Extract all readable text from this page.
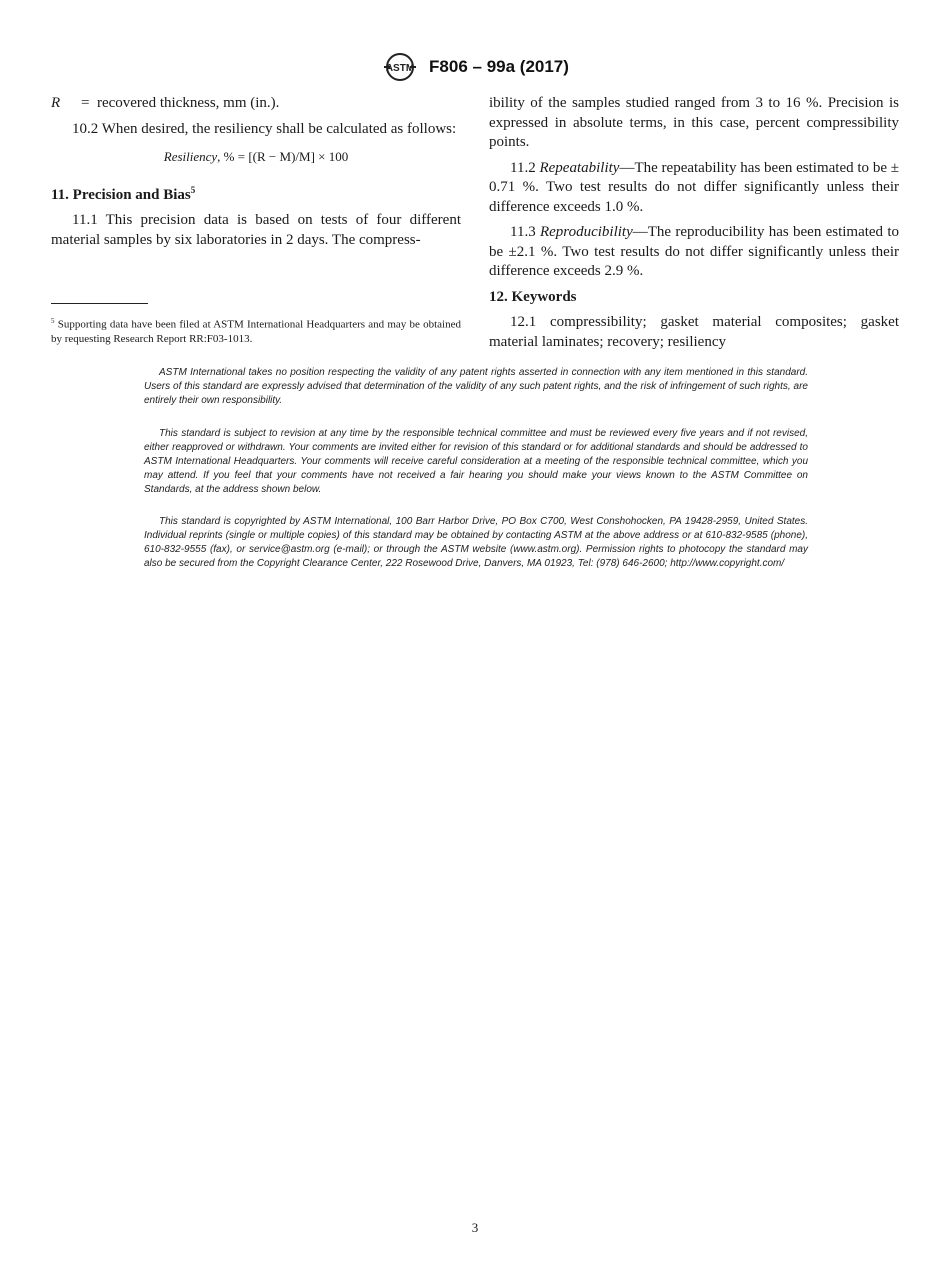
ASTM F806 – 99a (2017)

R = recovered thickness, mm (in.).

10.2 When desired, the resiliency shall be calculated as follows:

Resiliency, % = [(R − M)/M] × 100
11. Precision and Bias$^5$

11.1 This precision data is based on tests of four different material samples by six laboratories in 2 days. The compress-

$^5$ Supporting data have been filed at ASTM International Headquarters and may be obtained by requesting Research Report RR:F03-1013.

ibility of the samples studied ranged from 3 to 16 %. Precision is expressed in absolute terms, in this case, percent compressibility points.

11.2 Repeatability—The repeatability has been estimated to be ± 0.71 %. Two test results do not differ significantly unless their difference exceeds 1.0 %.

11.3 Reproducibility—The reproducibility has been estimated to be ±2.1 %. Two test results do not differ significantly unless their difference exceeds 2.9 %.

12. Keywords

12.1 compressibility; gasket material composites; gasket material laminates; recovery; resiliency

ASTM International takes no position respecting the validity of any patent rights asserted in connection with any item mentioned in this standard. Users of this standard are expressly advised that determination of the validity of any such patent rights, and the risk of infringement of such rights, are entirely their own responsibility.
This standard is subject to revision at any time by the responsible technical committee and must be reviewed every five years and if not revised, either reapproved or withdrawn. Your comments are invited either for revision of this standard or for additional standards and should be addressed to ASTM International Headquarters. Your comments will receive careful consideration at a meeting of the responsible technical committee, which you may attend. If you feel that your comments have not received a fair hearing you should make your views known to the ASTM Committee on Standards, at the address shown below.
This standard is copyrighted by ASTM International, 100 Barr Harbor Drive, PO Box C700, West Conshohocken, PA 19428-2959, United States. Individual reprints (single or multiple copies) of this standard may be obtained by contacting ASTM at the above address or at 610-832-9585 (phone), 610-832-9555 (fax), or service@astm.org (e-mail); or through the ASTM website (www.astm.org). Permission rights to photocopy the standard may also be secured from the Copyright Clearance Center, 222 Rosewood Drive, Danvers, MA 01923, Tel: (978) 646-2600; http://www.copyright.com/
3
